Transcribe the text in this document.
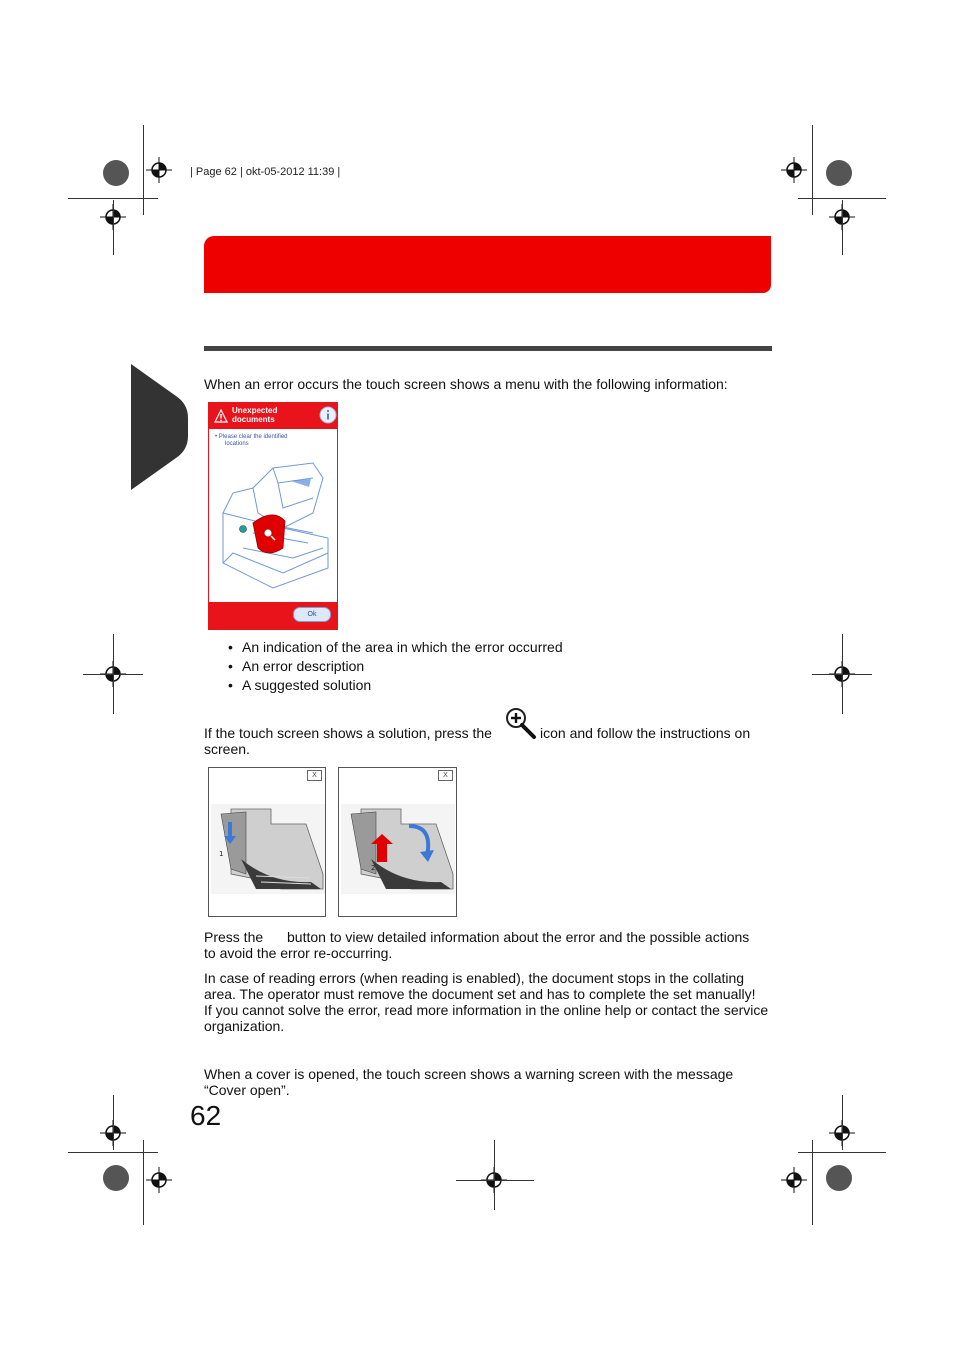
| Page 62 | okt-05-2012 11:39 |
When an error occurs the touch screen shows a menu with the following information:
Unexpected
documents
• Please clear the identified
locations
Ok
• An indication of the area in which the error occurred
• An error description
• A suggested solution
If the touch screen shows a solution, press the	icon and follow the instructions on
screen.
X
1
X
2
Press the button to view detailed information about the error and the possible actions
to avoid the error re-occurring.
In case of reading errors (when reading is enabled), the document stops in the collating
area. The operator must remove the document set and has to complete the set manually!
If you cannot solve the error, read more information in the online help or contact the service
organization.
When a cover is opened, the touch screen shows a warning screen with the message
“Cover open”.
62
